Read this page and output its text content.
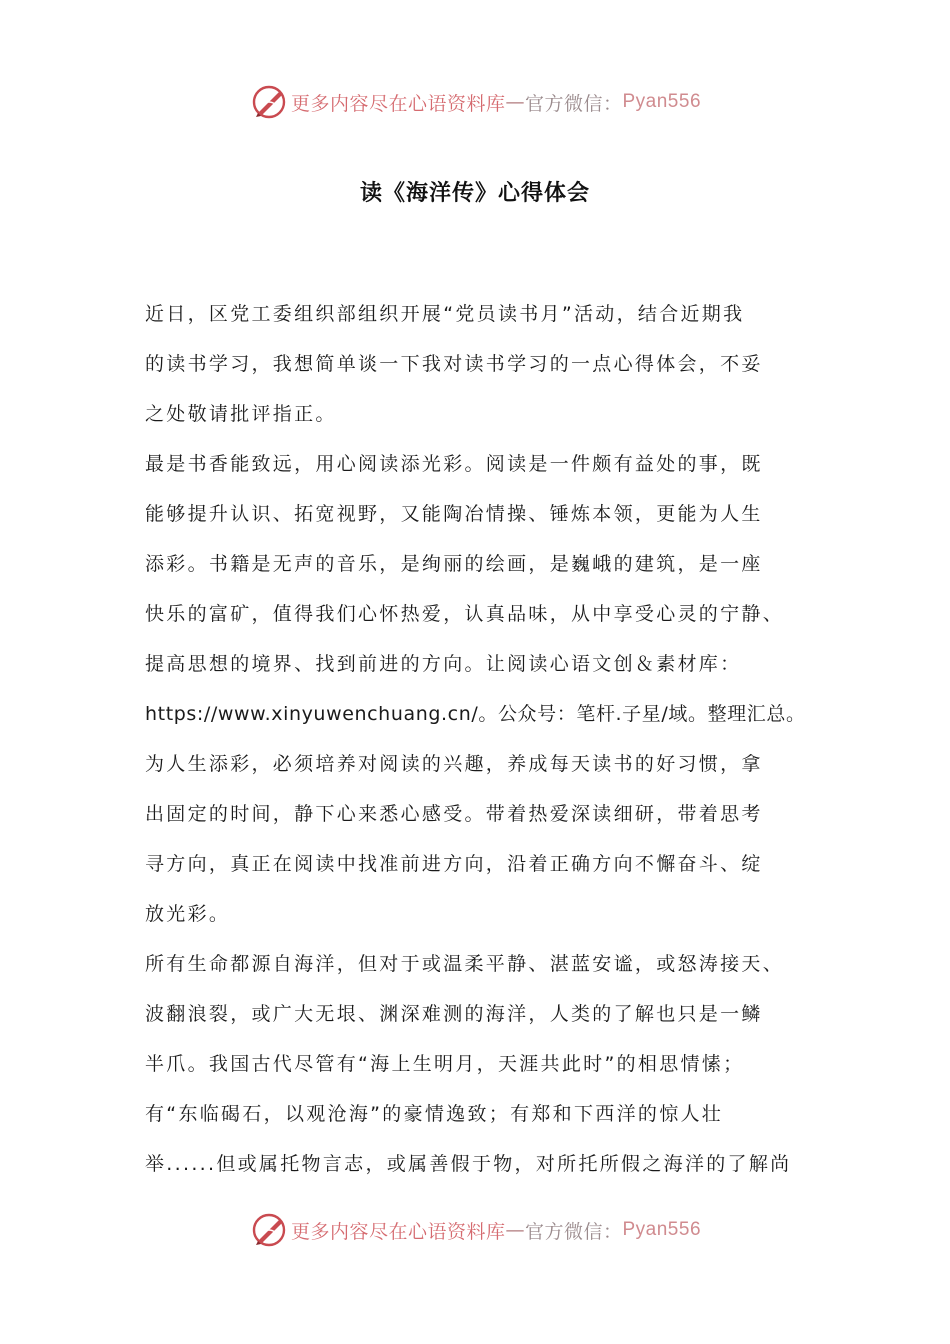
更多内容尽在心语资料库 — 官方微信： Pyan556
读《海洋传》心得体会
近日，区党工委组织部组织开展“党员读书月”活动，结合近期我
的读书学习，我想简单谈一下我对读书学习的一点心得体会，不妥
之处敬请批评指正。
最是书香能致远，用心阅读添光彩。阅读是一件颇有益处的事，既
能够提升认识、拓宽视野，又能陶冶情操、锤炼本领，更能为人生
添彩。书籍是无声的音乐，是绚丽的绘画，是巍峨的建筑，是一座
快乐的富矿，值得我们心怀热爱，认真品味，从中享受心灵的宁静、
提高思想的境界、找到前进的方向。让阅读心语文创＆素材库：
https://www.xinyuwenchuang.cn/。公众号：笔杆.子星/域。整理汇总。
为人生添彩，必须培养对阅读的兴趣，养成每天读书的好习惯，拿
出固定的时间，静下心来悉心感受。带着热爱深读细研，带着思考
寻方向，真正在阅读中找准前进方向，沿着正确方向不懈奋斗、绽
放光彩。
所有生命都源自海洋，但对于或温柔平静、湛蓝安谧，或怒涛接天、
波翻浪裂，或广大无垠、渊深难测的海洋，人类的了解也只是一鳞
半爪。我国古代尽管有“海上生明月，天涯共此时”的相思情愫；
有“东临碣石，以观沧海”的豪情逸致；有郑和下西洋的惊人壮
举......但或属托物言志，或属善假于物，对所托所假之海洋的了解尚
更多内容尽在心语资料库 — 官方微信： Pyan556
